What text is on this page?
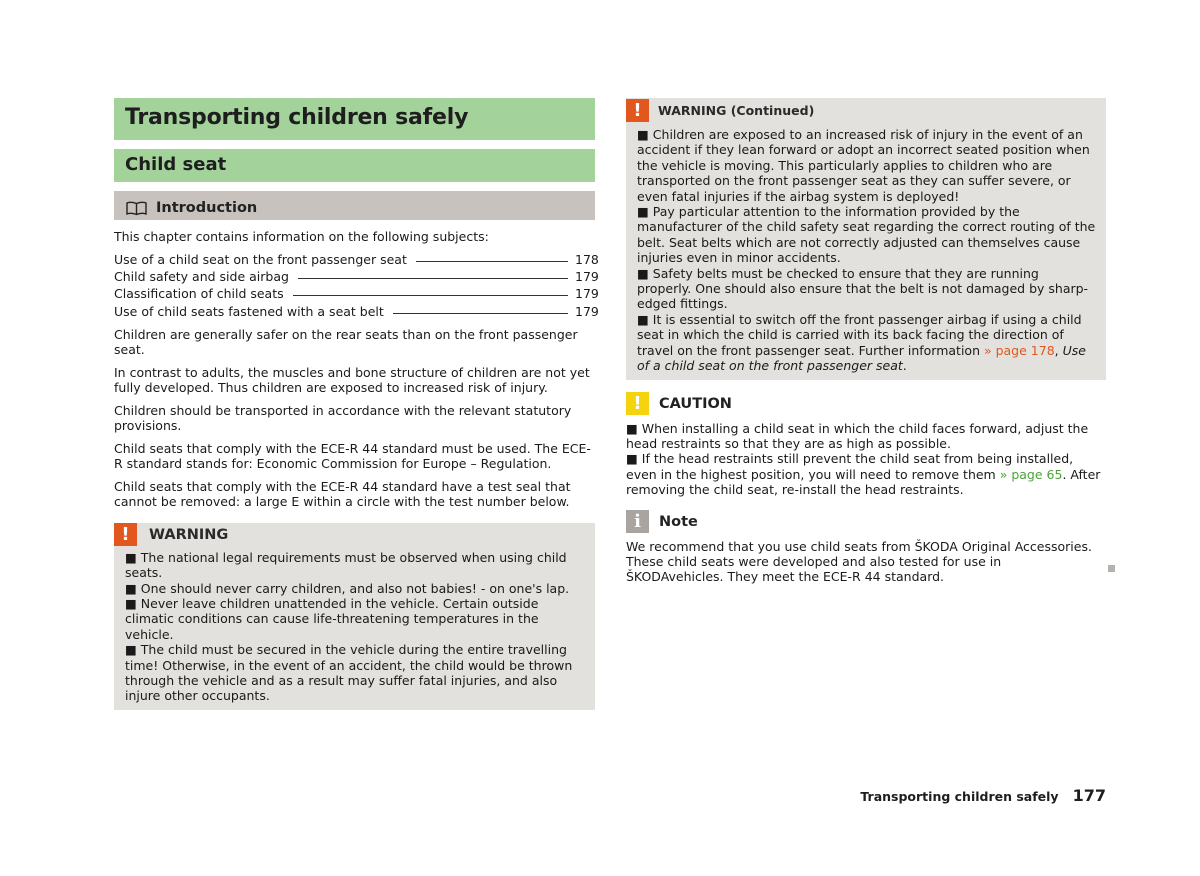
Transporting children safely
Child seat
Introduction
This chapter contains information on the following subjects:
Use of a child seat on the front passenger seat	178
Child safety and side airbag	179
Classification of child seats	179
Use of child seats fastened with a seat belt	179
Children are generally safer on the rear seats than on the front passenger seat.
In contrast to adults, the muscles and bone structure of children are not yet fully developed. Thus children are exposed to increased risk of injury.
Children should be transported in accordance with the relevant statutory provisions.
Child seats that comply with the ECE-R 44 standard must be used. The ECE-R standard stands for: Economic Commission for Europe – Regulation.
Child seats that comply with the ECE-R 44 standard have a test seal that cannot be removed: a large E within a circle with the test number below.
!	WARNING
■ The national legal requirements must be observed when using child seats.
■ One should never carry children, and also not babies! - on one's lap.
■ Never leave children unattended in the vehicle. Certain outside climatic conditions can cause life-threatening temperatures in the vehicle.
■ The child must be secured in the vehicle during the entire travelling time! Otherwise, in the event of an accident, the child would be thrown through the vehicle and as a result may suffer fatal injuries, and also injure other occupants.
!	WARNING (Continued)
■ Children are exposed to an increased risk of injury in the event of an accident if they lean forward or adopt an incorrect seated position when the vehicle is moving. This particularly applies to children who are transported on the front passenger seat as they can suffer severe, or even fatal injuries if the airbag system is deployed!
■ Pay particular attention to the information provided by the manufacturer of the child safety seat regarding the correct routing of the belt. Seat belts which are not correctly adjusted can themselves cause injuries even in minor accidents.
■ Safety belts must be checked to ensure that they are running properly. One should also ensure that the belt is not damaged by sharp-edged fittings.
■ It is essential to switch off the front passenger airbag if using a child seat in which the child is carried with its back facing the direction of travel on the front passenger seat. Further information » page 178, Use of a child seat on the front passenger seat.
!	CAUTION
■ When installing a child seat in which the child faces forward, adjust the head restraints so that they are as high as possible.
■ If the head restraints still prevent the child seat from being installed, even in the highest position, you will need to remove them » page 65. After removing the child seat, re-install the head restraints.
i	Note
We recommend that you use child seats from ŠKODA Original Accessories. These child seats were developed and also tested for use in ŠKODAvehicles. They meet the ECE-R 44 standard.
Transporting children safely 177
